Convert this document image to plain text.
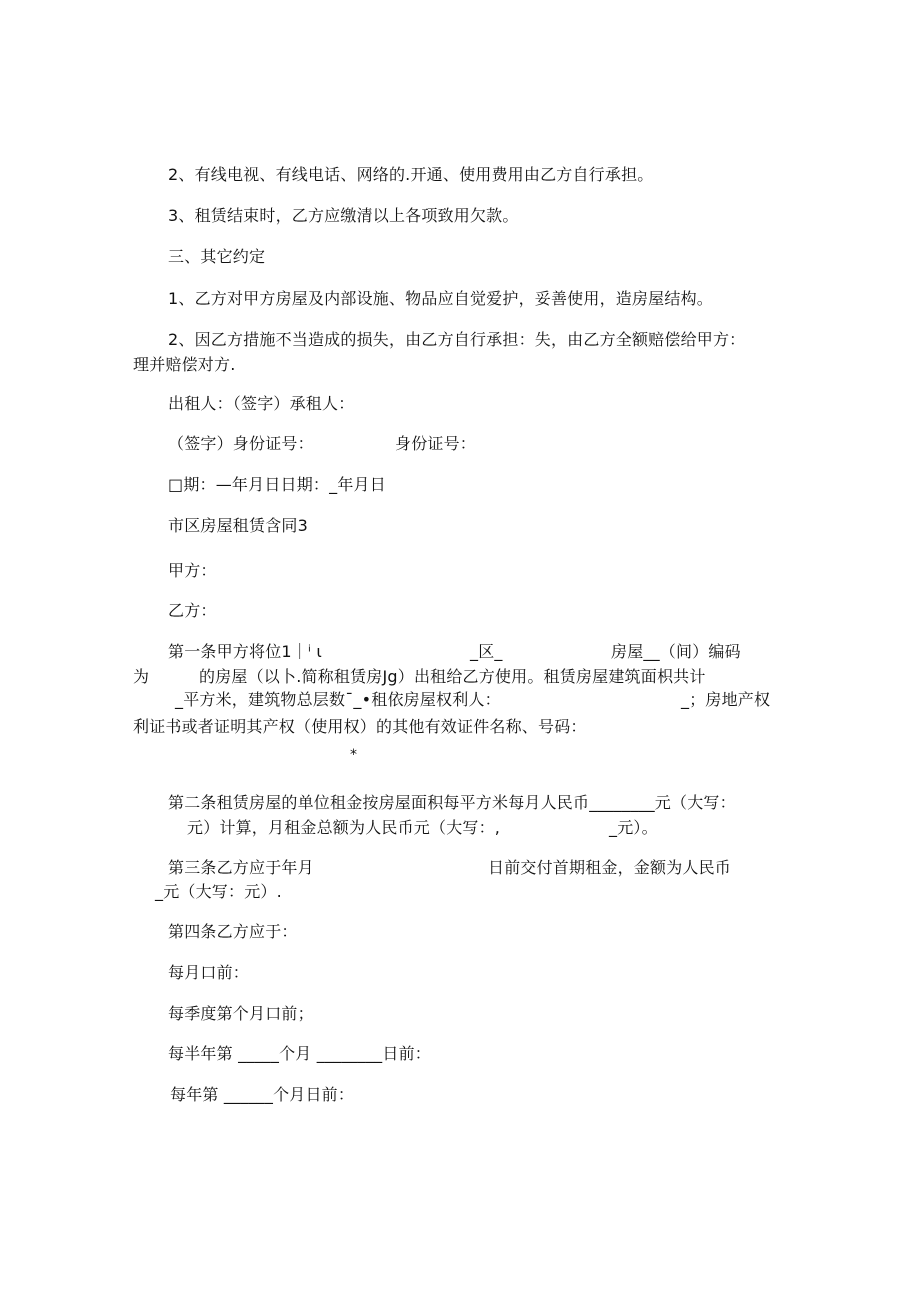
2、有线电视、有线电话、网络的.开通、使用费用由乙方自行承担。
3、租赁结束时，乙方应缴清以上各项致用欠款。
三、其它约定
1、乙方对甲方房屋及内部设施、物品应自觉爱护，妥善使用，造房屋结构。
2、因乙方措施不当造成的损失，由乙方自行承担：失，由乙方全额赔偿给甲方：
理并赔偿对方.
出租人：（签字）承租人：
（签字）身份证号：	身份证号：
□期：—年月日日期：_年月日
市区房屋租赁含同3
甲方：
乙方：
第一条甲方将位1｜ⁱ ι	_区_	房屋__（间）编码
为	的房屋（以卜.简称租赁房Jg）出租给乙方使用。租赁房屋建筑面枳共计
_平方米，建筑物总层数ˉ_•租依房屋权利人：	_；房地产权
利证书或者证明其产权（使用权）的其他有效证件名称、号码：
*
第二条租赁房屋的单位租金按房屋面积每平方米每月人民币________元（大写：
元）计算，月租金总额为人民币元（大写：,	_元）。
第三条乙方应于年月	日前交付首期租金，金额为人民币
_元（大写：元）.
第四条乙方应于：
每月口前：
每季度第个月口前；
每半年第 _____个月 ________日前：
每年第 ______个月日前：
